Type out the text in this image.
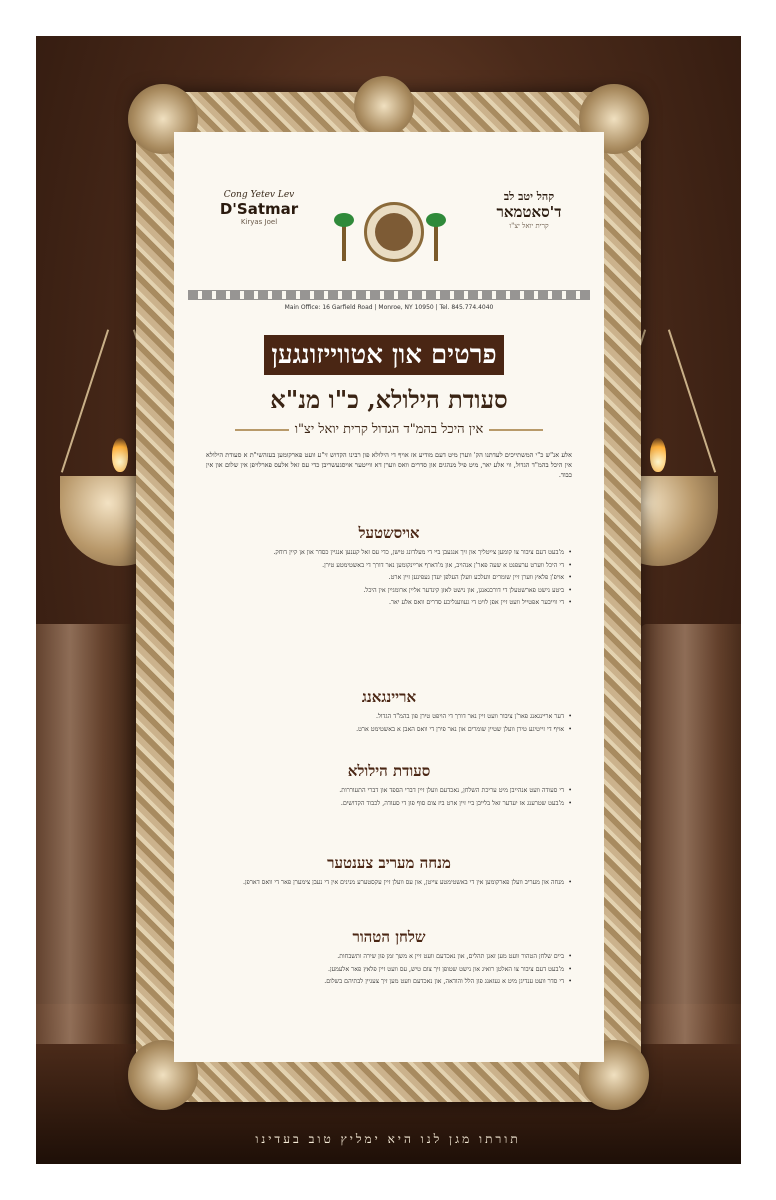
Cong Yetev Lev
D'Satmar
Kiryas Joel
קהל יטב לב
ד'סאטמאר
קרית יואל יצ"ו
Main Office: 16 Garfield Road | Monroe, NY 10950 | Tel. 845.774.4040
פרטים און אטווייזונגען
סעודת הילולא, כ"ו מנ"א
אין היכל בהמ"ד הגדול קרית יואל יצ"ו
אלע אנ"ש כ"י המשתייכים לעדתנו הק' ווערן מיט דעם מודיע אז אויף די הילולא פון רבינו הקדוש זי"ע וועט פארקומען בעזהשי"ת א סעודת הילולא אין היכל בהמ"ד הגדול, ווי אלע יאר, מיט פיל מנהגים און סדרים וואס ווערן דא ווייטער אויסגעשריבן כדי עס זאל אלעס פארלויפן אין שלום און אין כבוד.
אויסשטעל
• מ'בעט דעם ציבור צו קומען צייטליך און זיך אנגעבן ביי די מעלדונג טישן, כדי עס זאל קענען אנגיין כסדר און אן קיין דוחק.
• די היכל ווערט ערעפנט א שעה פאר'ן אנהויב, און מ'דארף אריינקומען נאר דורך די באשטימטע טירן.
• אויפ'ן פלאץ ווערן זיין שומרים וועלכע וועלן העלפן יעדן געפינען זיין ארט.
• ביטע נישט פארשטעלן די דורכגאנגן, און נישט לאזן קינדער אליין ארומגיין אין היכל.
• די ווייבער אפטייל וועט זיין אפן לויט די געווענליכע סדרים וואס אלע יאר.
אריינגאנג
• דער אריינגאנג פאר'ן ציבור וועט זיין נאר דורך די הויפט טירן פון בהמ"ד הגדול.
• אויף די זייטיגע טירן וועלן שטיין שומרים און נאר פירן די וואס האבן א באשטימט ארט.
סעודת הילולא
• די סעודה וועט אנהייבן מיט עריכת השלחן, נאכדעם וועלן זיין דברי הספד און דברי התעוררות.
• מ'בעט שטרענג אז יעדער זאל בלייבן ביי זיין ארט ביז צום סוף פון די סעודה, לכבוד הקדושים.
מנחה מעריב צענטער
• מנחה און מעריב וועלן פארקומען אין די באשטימטע צייטן, און עס וועלן זיין עקסטערע מנינים אין די נעבן צימערן פאר די וואס דארפן.
שלחן הטהור
• ביים שלחן הטהור וועט מען זאגן תהלים, און נאכדעם וועט זיין א משך זמן פון שירה ותשבחות.
• מ'בעט דעם ציבור צו האלטן רואיג און נישט שטופן זיך צום טיש, עס וועט זיין פלאץ פאר אלעמען.
• די סדר וועט ענדיגן מיט א געזאנג פון הלל והודאה, און נאכדעם וועט מען זיך צעגיין לבתיהם בשלום.
תורתו מגן לנו היא ימליץ טוב בעדינו
